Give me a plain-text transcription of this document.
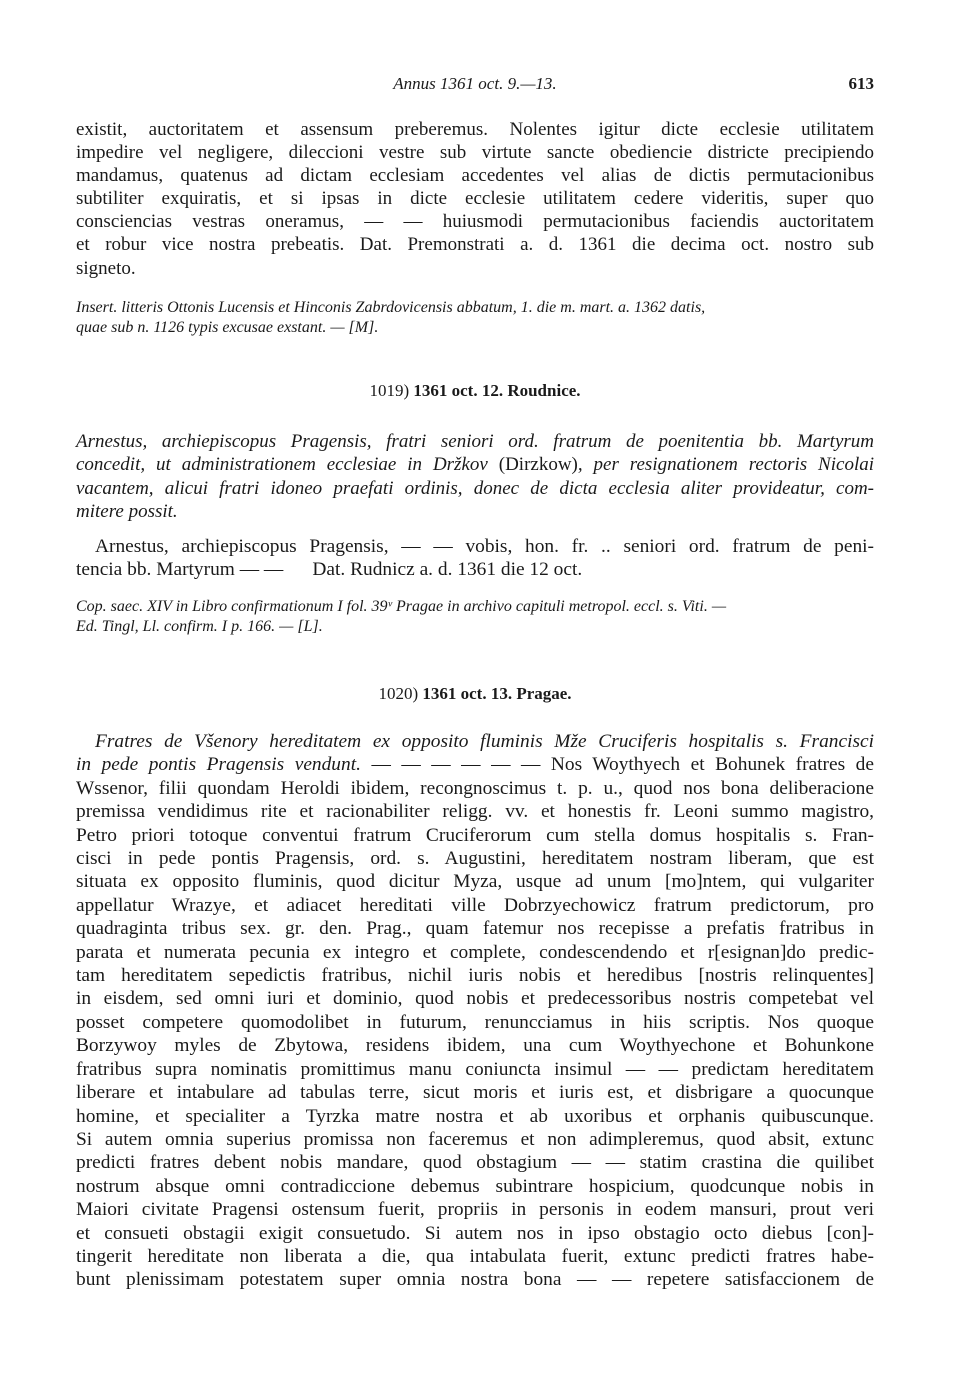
Annus 1361 oct. 9.—13.	613

existit, auctoritatem et assensum preberemus. Nolentes igitur dicte ecclesie utilitatem
impedire vel negligere, dileccioni vestre sub virtute sancte obediencie districte precipiendo
mandamus, quatenus ad dictam ecclesiam accedentes vel alias de dictis permutacionibus
subtiliter exquiratis, et si ipsas in dicte ecclesie utilitatem cedere videritis, super quo
consciencias vestras oneramus, — — huiusmodi permutacionibus faciendis auctoritatem
et robur vice nostra prebeatis. Dat. Premonstrati a. d. 1361 die decima oct. nostro sub
signeto.

Insert. litteris Ottonis Lucensis et Hinconis Zabrdovicensis abbatum, 1. die m. mart. a. 1362 datis,
quae sub n. 1126 typis excusae exstant. — [M].

1019) 1361 oct. 12. Roudnice.

Arnestus, archiepiscopus Pragensis, fratri seniori ord. fratrum de poenitentia bb. Martyrum
concedit, ut administrationem ecclesiae in Držkov (Dirzkow), per resignationem rectoris Nicolai
vacantem, alicui fratri idoneo praefati ordinis, donec de dicta ecclesia aliter provideatur, com-
mitere possit.

Arnestus, archiepiscopus Pragensis, — — vobis, hon. fr. .. seniori ord. fratrum de peni-
tencia bb. Martyrum — —      Dat. Rudnicz a. d. 1361 die 12 oct.

Cop. saec. XIV in Libro confirmationum I fol. 39ᵛ Pragae in archivo capituli metropol. eccl. s. Viti. —
Ed. Tingl, Ll. confirm. I p. 166. — [L].

1020) 1361 oct. 13. Pragae.

Fratres de Všenory hereditatem ex opposito fluminis Mže Cruciferis hospitalis s. Francisci
in pede pontis Pragensis vendunt. — — — — — — Nos Woythyech et Bohunek fratres de
Wssenor, filii quondam Heroldi ibidem, recongnoscimus t. p. u., quod nos bona deliberacione
premissa vendidimus rite et racionabiliter religg. vv. et honestis fr. Leoni summo magistro,
Petro priori totoque conventui fratrum Cruciferorum cum stella domus hospitalis s. Fran-
cisci in pede pontis Pragensis, ord. s. Augustini, hereditatem nostram liberam, que est
situata ex opposito fluminis, quod dicitur Myza, usque ad unum [mo]ntem, qui vulgariter
appellatur Wrazye, et adiacet hereditati ville Dobrzyechowicz fratrum predictorum, pro
quadraginta tribus sex. gr. den. Prag., quam fatemur nos recepisse a prefatis fratribus in
parata et numerata pecunia ex integro et complete, condescendendo et r[esignan]do predic-
tam hereditatem sepedictis fratribus, nichil iuris nobis et heredibus [nostris relinquentes]
in eisdem, sed omni iuri et dominio, quod nobis et predecessoribus nostris competebat vel
posset competere quomodolibet in futurum, renuncciamus in hiis scriptis. Nos quoque
Borzywoy myles de Zbytowa, residens ibidem, una cum Woythyechone et Bohunkone
fratribus supra nominatis promittimus manu coniuncta insimul — — predictam hereditatem
liberare et intabulare ad tabulas terre, sicut moris et iuris est, et disbrigare a quocunque
homine, et specialiter a Tyrzka matre nostra et ab uxoribus et orphanis quibuscunque.
Si autem omnia superius promissa non faceremus et non adimpleremus, quod absit, extunc
predicti fratres debent nobis mandare, quod obstagium — — statim crastina die quilibet
nostrum absque omni contradiccione debemus subintrare hospicium, quodcunque nobis in
Maiori civitate Pragensi ostensum fuerit, propriis in personis in eodem mansuri, prout veri
et consueti obstagii exigit consuetudo. Si autem nos in ipso obstagio octo diebus [con]-
tingerit hereditate non liberata a die, qua intabulata fuerit, extunc predicti fratres habe-
bunt plenissimam potestatem super omnia nostra bona — — repetere satisfaccionem de
